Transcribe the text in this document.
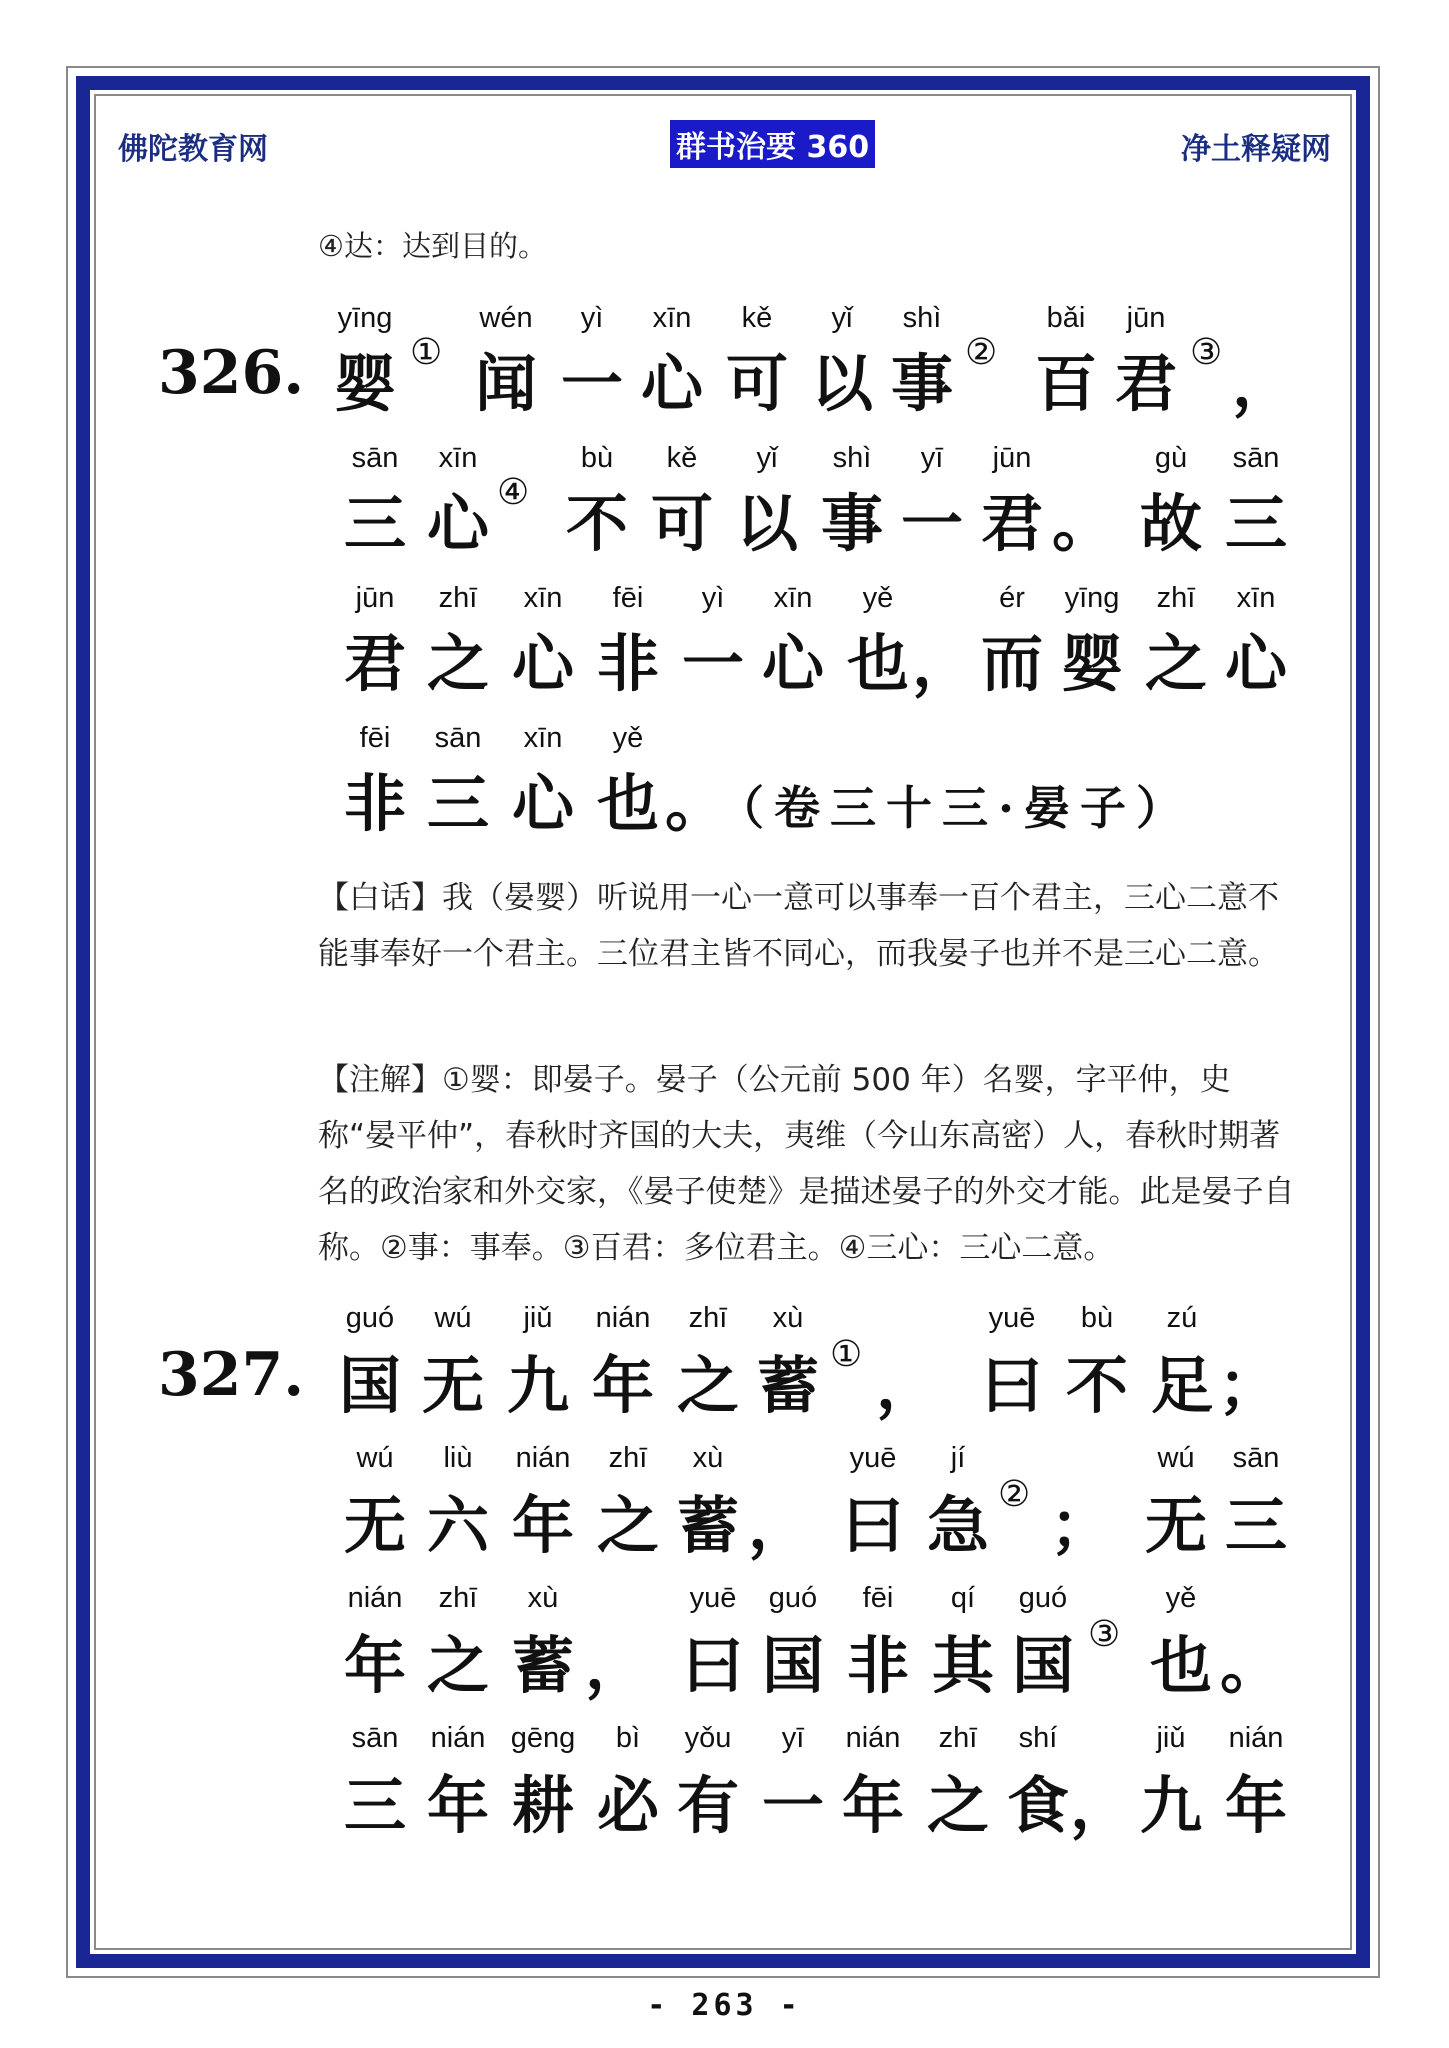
佛陀教育网	群书治要 360	净土释疑网
④达：达到目的。
326.
yīng	wén	yì	xīn	kě	yǐ	shì	bǎi	jūn
婴 ① 闻 一 心 可 以 事 ② 百 君 ③ ，
sān	xīn	bù	kě	yǐ	shì	yī	jūn	gù	sān
三 心 ④ 不 可 以 事 一 君 。 故 三
jūn	zhī	xīn	fēi	yì	xīn	yě	ér	yīng	zhī	xīn
君 之 心 非 一 心 也 ， 而 婴 之 心
fēi	sān	xīn	yě
非 三 心 也 。
（卷三十三·晏子）
【白话】我（晏婴）听说用一心一意可以事奉一百个君主，三心二意不能事奉好一个君主。三位君主皆不同心，而我晏子也并不是三心二意。
【注解】①婴：即晏子。晏子（公元前 500 年）名婴，字平仲，史称“晏平仲”，春秋时齐国的大夫，夷维（今山东高密）人，春秋时期著名的政治家和外交家，《晏子使楚》是描述晏子的外交才能。此是晏子自称。②事：事奉。③百君：多位君主。④三心：三心二意。
327.
guó	wú	jiǔ	nián	zhī	xù	yuē	bù	zú
国 无 九 年 之 蓄 ① ， 曰 不 足 ；
wú	liù	nián	zhī	xù	yuē	jí	wú	sān
无 六 年 之 蓄 ， 曰 急 ② ； 无 三
nián	zhī	xù	yuē	guó	fēi	qí	guó	yě
年 之 蓄 ， 曰 国 非 其 国 ③ 也 。
sān	nián gēng	bì	yǒu	yī	nián	zhī	shí	jiǔ	nián
三 年 耕 必 有 一 年 之 食 ， 九 年
- 263 -
